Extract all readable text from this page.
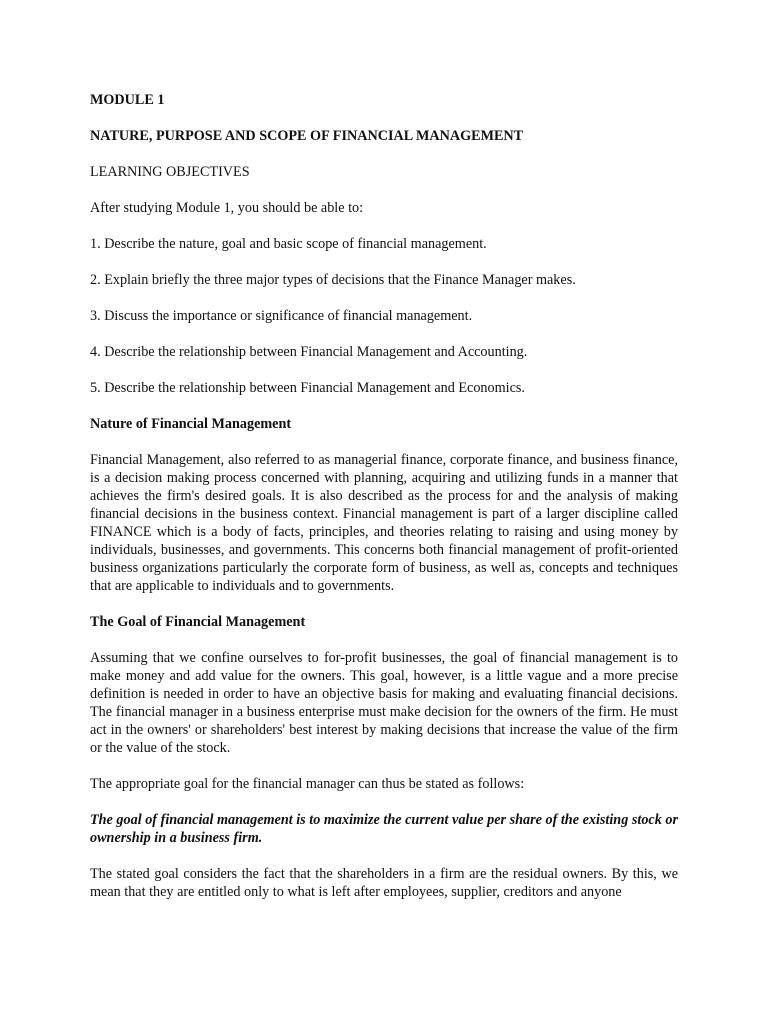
MODULE 1

NATURE, PURPOSE AND SCOPE OF FINANCIAL MANAGEMENT

LEARNING OBJECTIVES

After studying Module 1, you should be able to:

1. Describe the nature, goal and basic scope of financial management.
2. Explain briefly the three major types of decisions that the Finance Manager makes.
3. Discuss the importance or significance of financial management.
4. Describe the relationship between Financial Management and Accounting.
5. Describe the relationship between Financial Management and Economics.

Nature of Financial Management

Financial Management, also referred to as managerial finance, corporate finance, and business finance, is a decision making process concerned with planning, acquiring and utilizing funds in a manner that achieves the firm's desired goals. It is also described as the process for and the analysis of making financial decisions in the business context. Financial management is part of a larger discipline called FINANCE which is a body of facts, principles, and theories relating to raising and using money by individuals, businesses, and governments. This concerns both financial management of profit-oriented business organizations particularly the corporate form of business, as well as, concepts and techniques that are applicable to individuals and to governments.

The Goal of Financial Management

Assuming that we confine ourselves to for-profit businesses, the goal of financial management is to make money and add value for the owners. This goal, however, is a little vague and a more precise definition is needed in order to have an objective basis for making and evaluating financial decisions. The financial manager in a business enterprise must make decision for the owners of the firm. He must act in the owners' or shareholders' best interest by making decisions that increase the value of the firm or the value of the stock.

The appropriate goal for the financial manager can thus be stated as follows:

The goal of financial management is to maximize the current value per share of the existing stock or ownership in a business firm.

The stated goal considers the fact that the shareholders in a firm are the residual owners. By this, we mean that they are entitled only to what is left after employees, supplier, creditors and anyone
